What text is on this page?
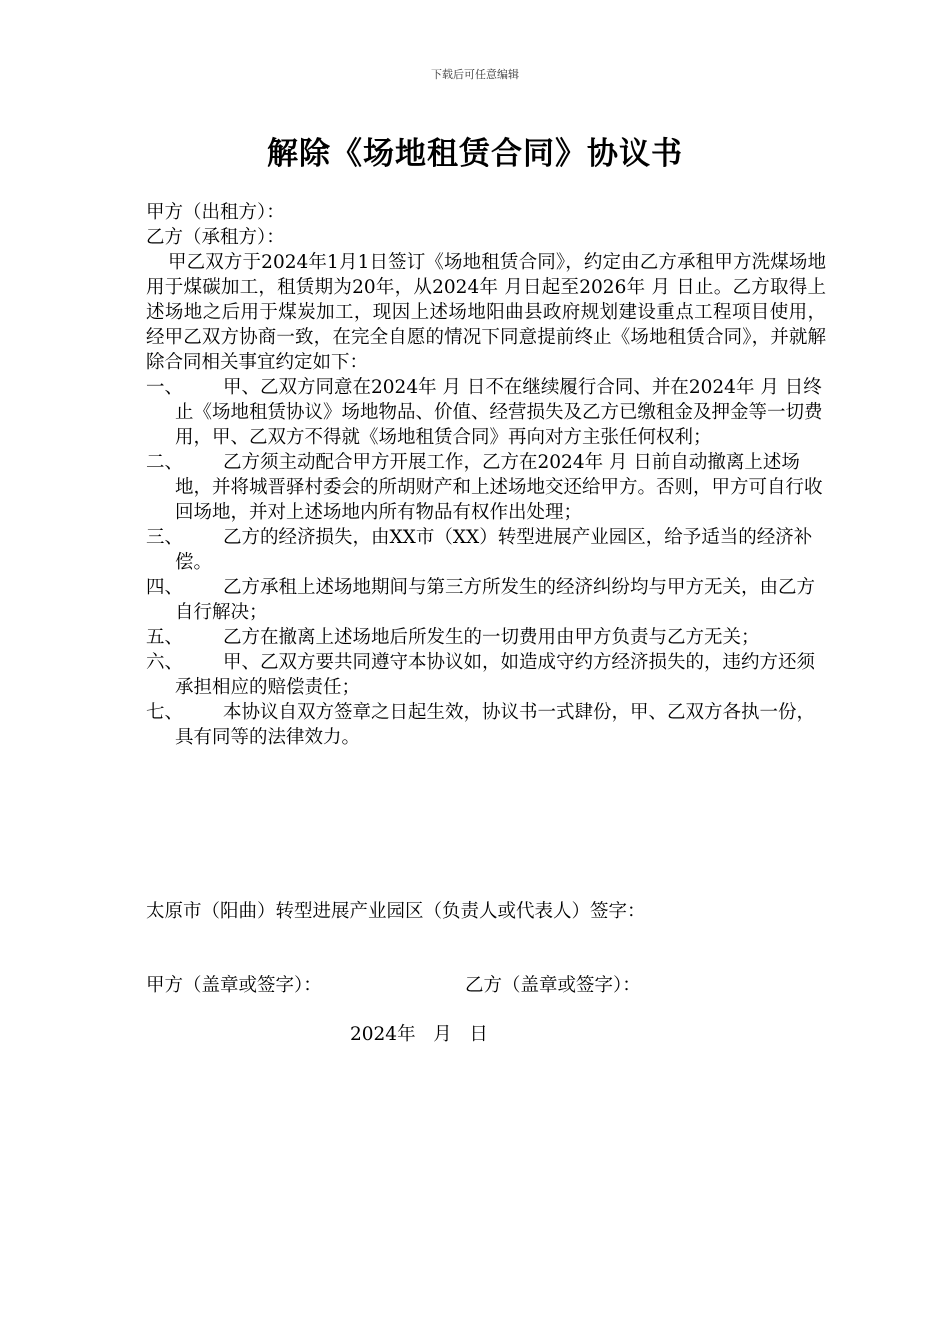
下载后可任意编辑
解除《场地租赁合同》协议书
甲方（出租方）：
乙方（承租方）：
甲乙双方于2024年1月1日签订《场地租赁合同》，约定由乙方承租甲方洗煤场地用于煤碳加工，租赁期为20年，从2024年 月日起至2026年 月 日止。乙方取得上述场地之后用于煤炭加工，现因上述场地阳曲县政府规划建设重点工程项目使用，经甲乙双方协商一致，在完全自愿的情况下同意提前终止《场地租赁合同》，并就解除合同相关事宜约定如下：
一、 甲、乙双方同意在2024年 月 日不在继续履行合同、并在2024年 月 日终止《场地租赁协议》场地物品、价值、经营损失及乙方已缴租金及押金等一切费用，甲、乙双方不得就《场地租赁合同》再向对方主张任何权利；
二、 乙方须主动配合甲方开展工作，乙方在2024年 月 日前自动撤离上述场地，并将城晋驿村委会的所胡财产和上述场地交还给甲方。否则，甲方可自行收回场地，并对上述场地内所有物品有权作出处理；
三、 乙方的经济损失，由XX市（XX）转型进展产业园区，给予适当的经济补偿。
四、 乙方承租上述场地期间与第三方所发生的经济纠纷均与甲方无关，由乙方自行解决；
五、 乙方在撤离上述场地后所发生的一切费用由甲方负责与乙方无关；
六、 甲、乙双方要共同遵守本协议如，如造成守约方经济损失的，违约方还须承担相应的赔偿责任；
七、 本协议自双方签章之日起生效，协议书一式肆份，甲、乙双方各执一份，具有同等的法律效力。
太原市（阳曲）转型进展产业园区（负责人或代表人）签字：
甲方（盖章或签字）：	乙方（盖章或签字）：
2024年   月   日
